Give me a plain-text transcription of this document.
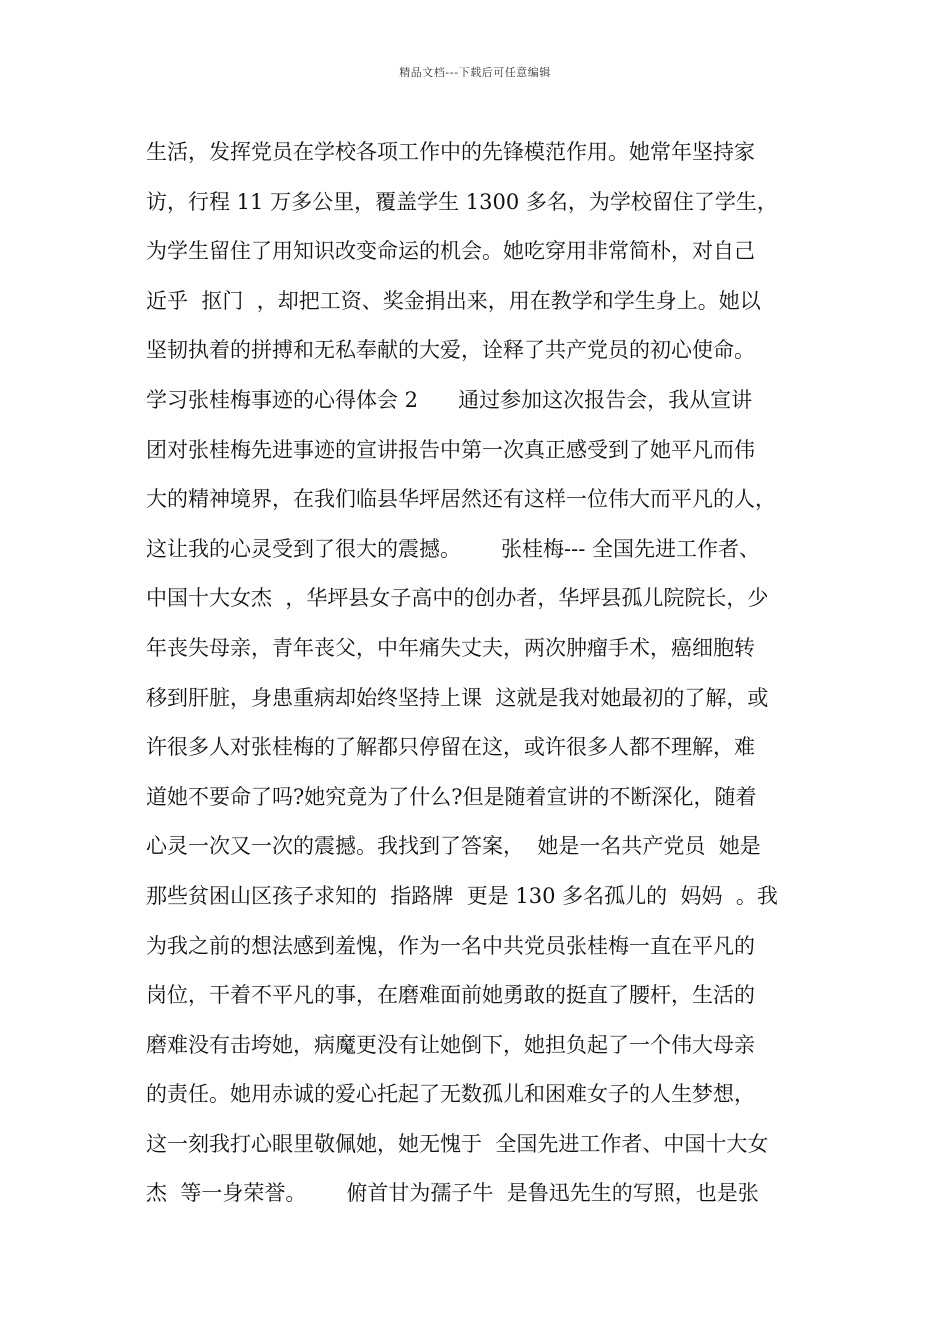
精品文档---下载后可任意编辑
生活，发挥党员在学校各项工作中的先锋模范作用。她常年坚持家
访，行程 11 万多公里，覆盖学生 1300 多名，为学校留住了学生，
为学生留住了用知识改变命运的机会。她吃穿用非常简朴，对自己
近乎  抠门  ，却把工资、奖金捐出来，用在教学和学生身上。她以
坚韧执着的拼搏和无私奉献的大爱，诠释了共产党员的初心使命。
学习张桂梅事迹的心得体会 2      通过参加这次报告会，我从宣讲
团对张桂梅先进事迹的宣讲报告中第一次真正感受到了她平凡而伟
大的精神境界，在我们临县华坪居然还有这样一位伟大而平凡的人，
这让我的心灵受到了很大的震撼。      张桂梅--- 全国先进工作者、
中国十大女杰  ，华坪县女子高中的创办者，华坪县孤儿院院长，少
年丧失母亲，青年丧父，中年痛失丈夫，两次肿瘤手术，癌细胞转
移到肝脏，身患重病却始终坚持上课  这就是我对她最初的了解，或
许很多人对张桂梅的了解都只停留在这，或许很多人都不理解，难
道她不要命了吗?她究竟为了什么?但是随着宣讲的不断深化，随着
心灵一次又一次的震撼。我找到了答案，  她是一名共产党员  她是
那些贫困山区孩子求知的  指路牌  更是 130 多名孤儿的  妈妈  。我
为我之前的想法感到羞愧，作为一名中共党员张桂梅一直在平凡的
岗位，干着不平凡的事，在磨难面前她勇敢的挺直了腰杆，生活的
磨难没有击垮她，病魔更没有让她倒下，她担负起了一个伟大母亲
的责任。她用赤诚的爱心托起了无数孤儿和困难女子的人生梦想，
这一刻我打心眼里敬佩她，她无愧于  全国先进工作者、中国十大女
杰  等一身荣誉。      俯首甘为孺子牛  是鲁迅先生的写照，也是张
